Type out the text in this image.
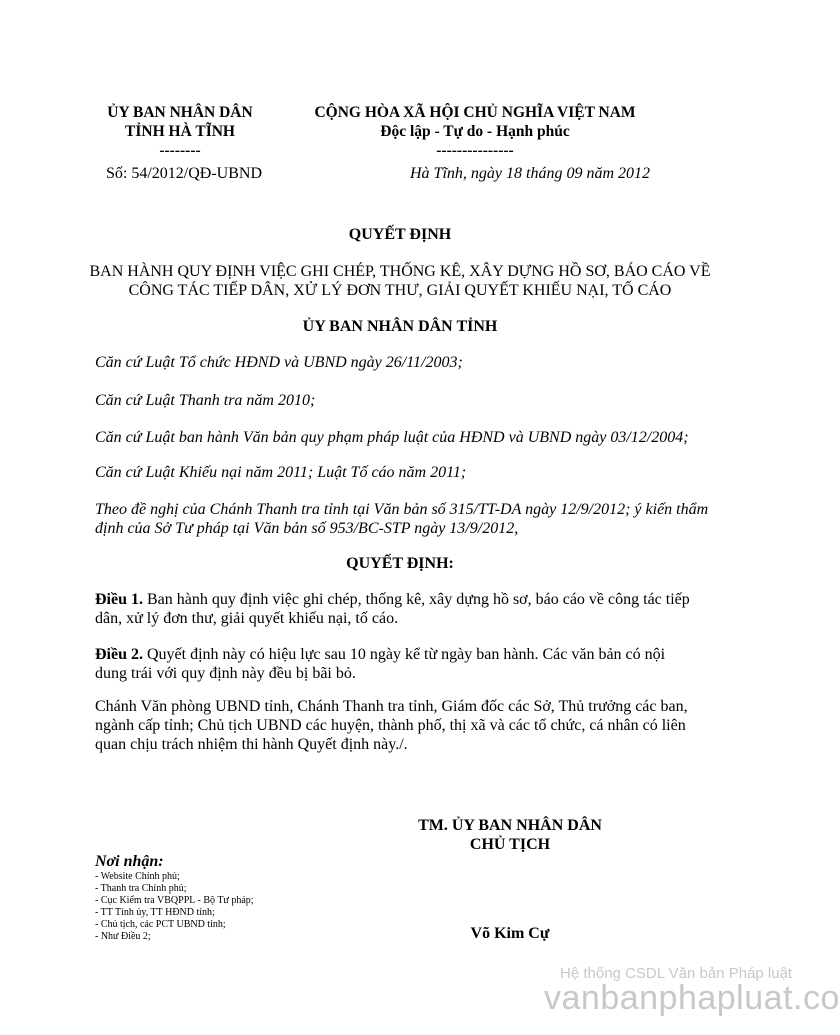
ỦY BAN NHÂN DÂN
TỈNH HÀ TĨNH
--------
CỘNG HÒA XÃ HỘI CHỦ NGHĨA VIỆT NAM
Độc lập - Tự do - Hạnh phúc
---------------
Số: 54/2012/QĐ-UBND	Hà Tĩnh, ngày 18 tháng 09 năm 2012
QUYẾT ĐỊNH
BAN HÀNH QUY ĐỊNH VIỆC GHI CHÉP, THỐNG KÊ, XÂY DỰNG HỒ SƠ, BÁO CÁO VỀ CÔNG TÁC TIẾP DÂN, XỬ LÝ ĐƠN THƯ, GIẢI QUYẾT KHIẾU NẠI, TỐ CÁO
ỦY BAN NHÂN DÂN TỈNH
Căn cứ Luật Tổ chức HĐND và UBND ngày 26/11/2003;
Căn cứ Luật Thanh tra năm 2010;
Căn cứ Luật ban hành Văn bản quy phạm pháp luật của HĐND và UBND ngày 03/12/2004;
Căn cứ Luật Khiếu nại năm 2011; Luật Tố cáo năm 2011;
Theo đề nghị của Chánh Thanh tra tỉnh tại Văn bản số 315/TT-DA ngày 12/9/2012; ý kiến thẩm định của Sở Tư pháp tại Văn bản số 953/BC-STP ngày 13/9/2012,
QUYẾT ĐỊNH:
Điều 1. Ban hành quy định việc ghi chép, thống kê, xây dựng hồ sơ, báo cáo về công tác tiếp dân, xử lý đơn thư, giải quyết khiếu nại, tố cáo.
Điều 2. Quyết định này có hiệu lực sau 10 ngày kể từ ngày ban hành. Các văn bản có nội dung trái với quy định này đều bị bãi bỏ.
Chánh Văn phòng UBND tỉnh, Chánh Thanh tra tỉnh, Giám đốc các Sở, Thủ trưởng các ban, ngành cấp tỉnh; Chủ tịch UBND các huyện, thành phố, thị xã và các tổ chức, cá nhân có liên quan chịu trách nhiệm thi hành Quyết định này./.
TM. ỦY BAN NHÂN DÂN
CHỦ TỊCH
Võ Kim Cự
Nơi nhận:
- Website Chính phủ;
- Thanh tra Chính phủ;
- Cục Kiểm tra VBQPPL - Bộ Tư pháp;
- TT Tỉnh ủy, TT HĐND tỉnh;
- Chủ tịch, các PCT UBND tỉnh;
- Như Điều 2;
Hệ thống CSDL Văn bản Pháp luật
vanbanphapluat.co
